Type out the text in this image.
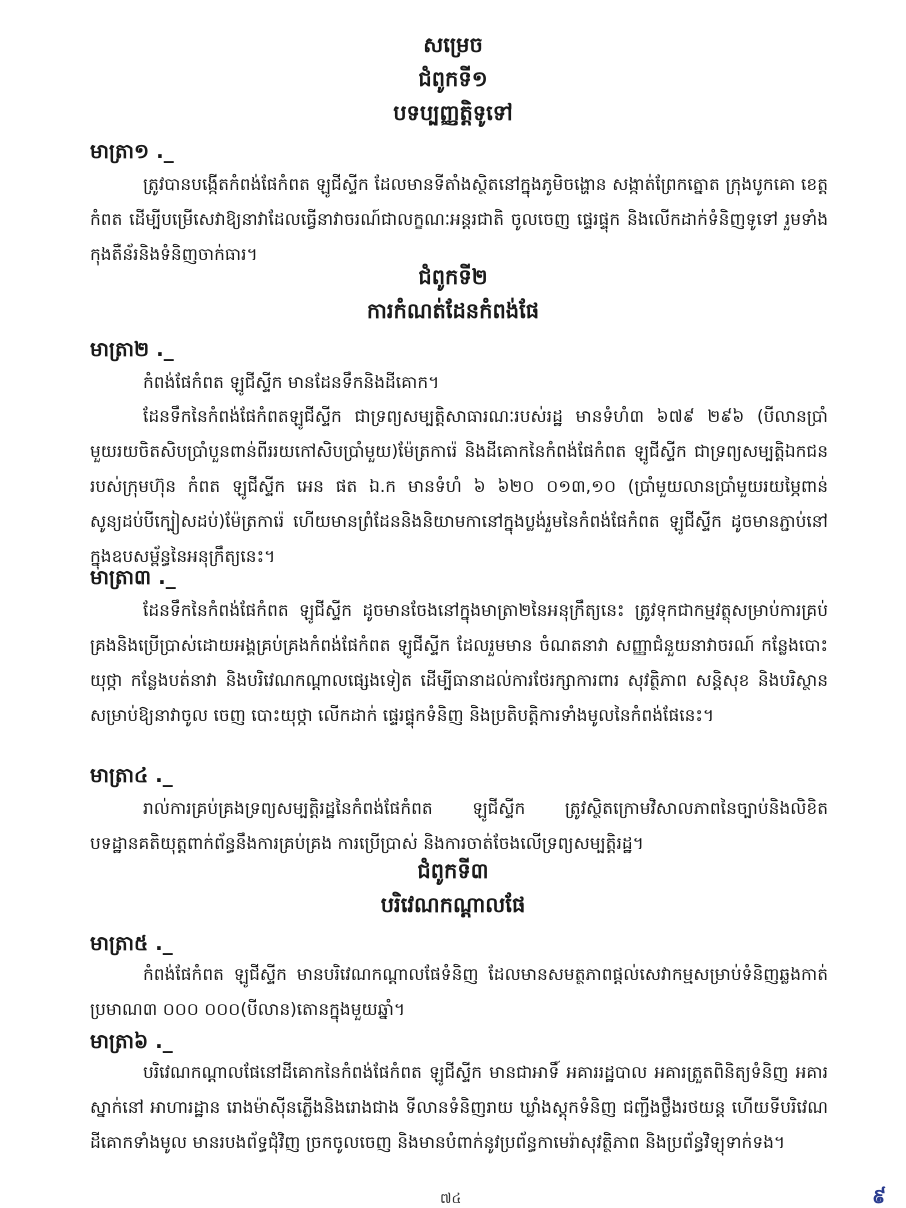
សម្រេច
ជំពូកទី១
បទប្បញ្ញត្តិទូទៅ
មាត្រា១ ._
ត្រូវបានបង្កើតកំពង់ផែកំពត ឡូជីស្ទីក ដែលមានទីតាំងស្ថិតនៅក្នុងភូមិចង្ហោន សង្កាត់ព្រែកត្នោត ក្រុងបូកគោ ខេត្តកំពត ដើម្បីបម្រើសេវាឱ្យនាវាដែលធ្វើនាវាចរណ៍ជាលក្ខណៈអន្តរជាតិ ចូលចេញ ផ្ទេរផ្ទុក និងលើកដាក់ទំនិញទូទៅ រួមទាំងកុងតឺន័រនិងទំនិញចាក់ធារ។
ជំពូកទី២
ការកំណត់ដែនកំពង់ផែ
មាត្រា២ ._
កំពង់ផែកំពត ឡូជីស្ទីក មានដែនទឹកនិងដីគោក។
ដែនទឹកនៃកំពង់ផែកំពតឡូជីស្ទីក ជាទ្រព្យសម្បត្តិសាធារណៈរបស់រដ្ឋ មានទំហំ៣ ៦៧៩ ២៩៦ (បីលានប្រាំមួយរយចិតសិបប្រាំបួនពាន់ពីររយកៅសិបប្រាំមួយ)ម៉ែត្រការ៉េ និងដីគោកនៃកំពង់ផែកំពត ឡូជីស្ទីក ជាទ្រព្យសម្បត្តិឯកជនរបស់ក្រុមហ៊ុន កំពត ឡូជីស្ទីក អេន ផត ឯ.ក មានទំហំ ៦ ៦២០ ០១៣,១០ (ប្រាំមួយលានប្រាំមួយរយម្ភៃពាន់សូន្យដប់បីក្បៀសដប់)ម៉ែត្រការ៉េ ហើយមានព្រំដែននិងនិយាមកានៅក្នុងប្លង់រួមនៃកំពង់ផែកំពត ឡូជីស្ទីក ដូចមានភ្ជាប់នៅក្នុងឧបសម្ព័ន្ធនៃអនុក្រឹត្យនេះ។
មាត្រា៣ ._
ដែនទឹកនៃកំពង់ផែកំពត ឡូជីស្ទីក ដូចមានចែងនៅក្នុងមាត្រា២នៃអនុក្រឹត្យនេះ ត្រូវទុកជាកម្មវត្ថុសម្រាប់ការគ្រប់គ្រងនិងប្រើប្រាស់ដោយអង្គគ្រប់គ្រងកំពង់ផែកំពត ឡូជីស្ទីក ដែលរួមមាន ចំណតនាវា សញ្ញាជំនួយនាវាចរណ៍ កន្លែងបោះយុថ្កា កន្លែងបត់នាវា និងបរិវេណកណ្ដាលផ្សេងទៀត ដើម្បីធានាដល់ការថែរក្សាការពារ សុវត្ថិភាព សន្តិសុខ និងបរិស្ថាន សម្រាប់ឱ្យនាវាចូល ចេញ បោះយុថ្កា លើកដាក់ ផ្ទេរផ្ទុកទំនិញ និងប្រតិបត្តិការទាំងមូលនៃកំពង់ផែនេះ។
មាត្រា៤ ._
រាល់ការគ្រប់គ្រងទ្រព្យសម្បត្តិរដ្ឋនៃកំពង់ផែកំពត ឡូជីស្ទីក ត្រូវស្ថិតក្រោមវិសាលភាពនៃច្បាប់និងលិខិតបទដ្ឋានគតិយុត្តពាក់ព័ន្ធនឹងការគ្រប់គ្រង ការប្រើប្រាស់ និងការចាត់ចែងលើទ្រព្យសម្បត្តិរដ្ឋ។
ជំពូកទី៣
បរិវេណកណ្ដាលផែ
មាត្រា៥ ._
កំពង់ផែកំពត ឡូជីស្ទីក មានបរិវេណកណ្ដាលផែទំនិញ ដែលមានសមត្ថភាពផ្ដល់សេវាកម្មសម្រាប់ទំនិញឆ្លងកាត់ប្រមាណ៣ ០០០ ០០០(បីលាន)តោនក្នុងមួយឆ្នាំ។
មាត្រា៦ ._
បរិវេណកណ្ដាលផែនៅដីគោកនៃកំពង់ផែកំពត ឡូជីស្ទីក មានជាអាទិ៍ អគាររដ្ឋបាល អគារត្រួតពិនិត្យទំនិញ អគារស្នាក់នៅ អាហារដ្ឋាន រោងម៉ាស៊ីនភ្លើងនិងរោងជាង ទីលានទំនិញរាយ ឃ្លាំងស្តុកទំនិញ ជញ្ជីងថ្លឹងរថយន្ត ហើយទីបរិវេណដីគោកទាំងមូល មានរបងព័ទ្ធជុំវិញ ច្រកចូលចេញ និងមានបំពាក់នូវប្រព័ន្ធកាមេរ៉ាសុវត្ថិភាព និងប្រព័ន្ធវិទ្យុទាក់ទង។
៧៤	៩
